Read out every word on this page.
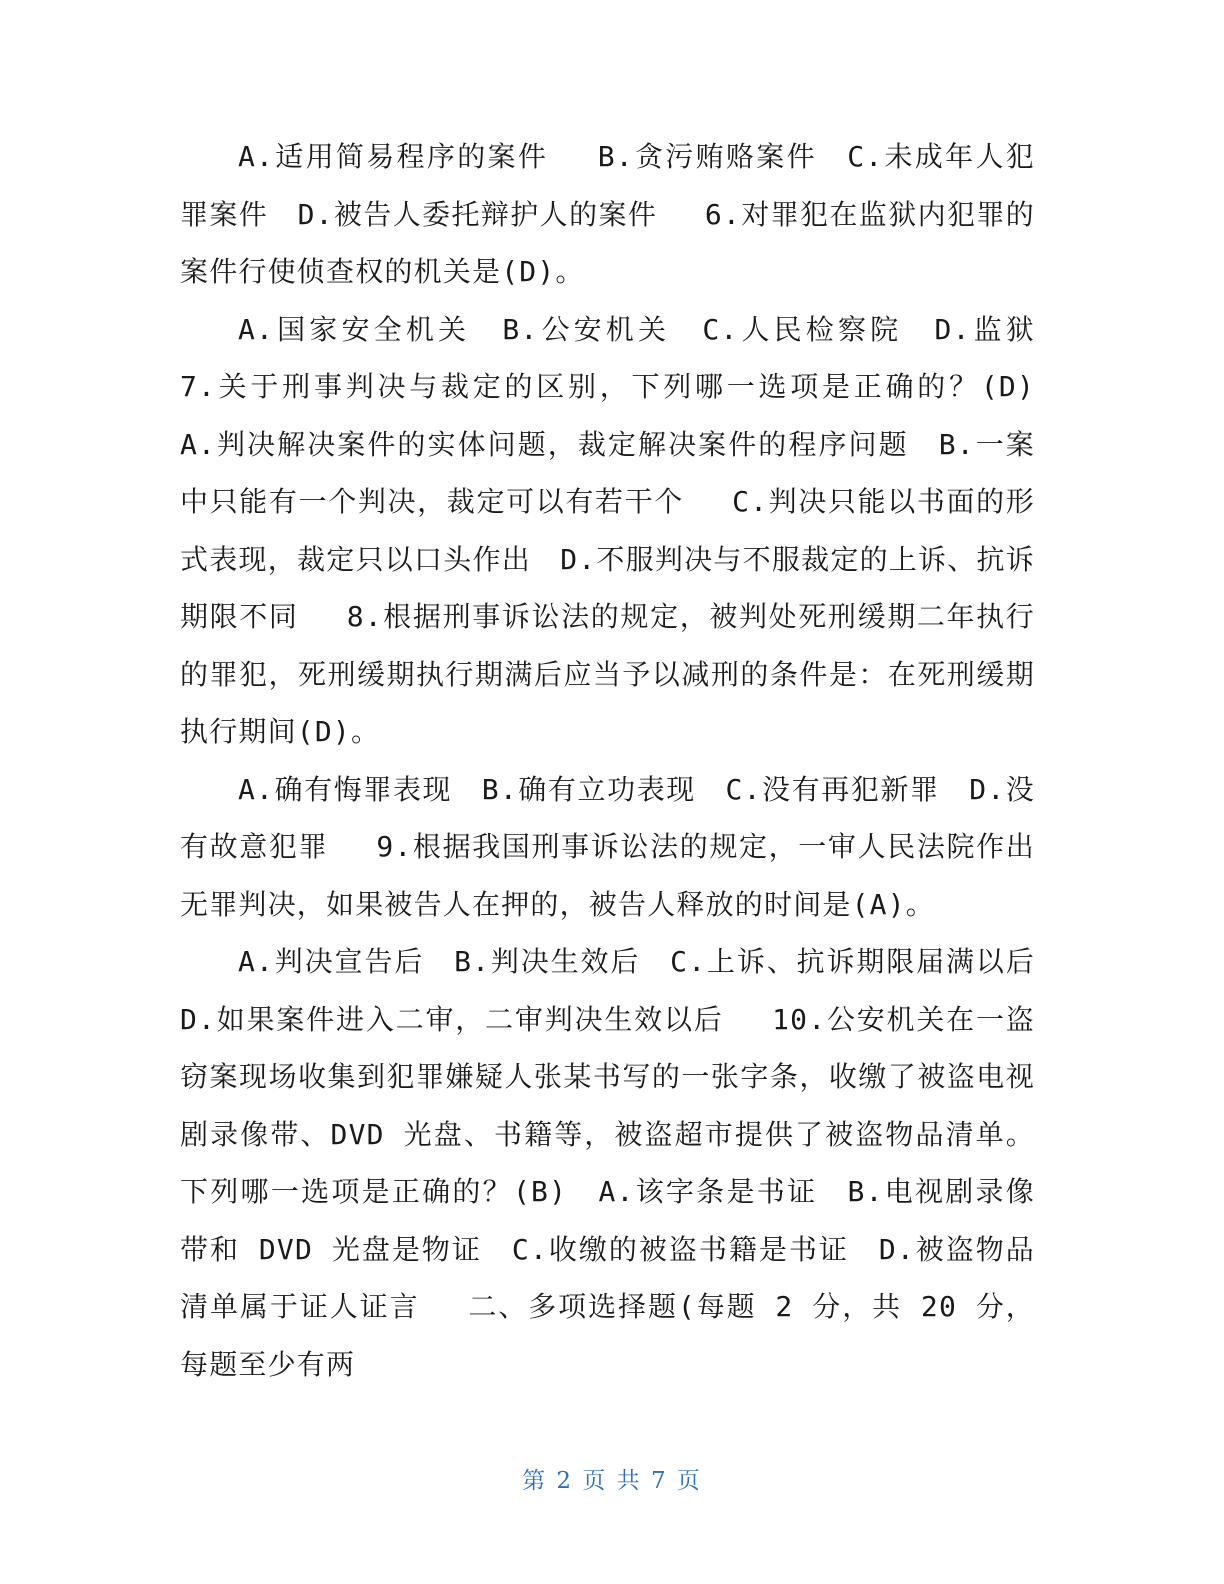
A.适用简易程序的案件　 B.贪污贿赂案件　C.未成年人犯罪案件　D.被告人委托辩护人的案件　 6.对罪犯在监狱内犯罪的案件行使侦查权的机关是(D)。

A.国家安全机关　B.公安机关　C.人民检察院　D.监狱　 7.关于刑事判决与裁定的区别，下列哪一选项是正确的？(D)　A.判决解决案件的实体问题，裁定解决案件的程序问题　B.一案中只能有一个判决，裁定可以有若干个　 C.判决只能以书面的形式表现，裁定只以口头作出　D.不服判决与不服裁定的上诉、抗诉期限不同　 8.根据刑事诉讼法的规定，被判处死刑缓期二年执行的罪犯，死刑缓期执行期满后应当予以减刑的条件是：在死刑缓期执行期间(D)。

A.确有悔罪表现　B.确有立功表现　C.没有再犯新罪　D.没有故意犯罪　 9.根据我国刑事诉讼法的规定，一审人民法院作出无罪判决，如果被告人在押的，被告人释放的时间是(A)。

A.判决宣告后　B.判决生效后　C.上诉、抗诉期限届满以后　D.如果案件进入二审，二审判决生效以后　 10.公安机关在一盗窃案现场收集到犯罪嫌疑人张某书写的一张字条，收缴了被盗电视剧录像带、DVD 光盘、书籍等，被盗超市提供了被盗物品清单。下列哪一选项是正确的？(B)　A.该字条是书证　B.电视剧录像带和 DVD 光盘是物证　C.收缴的被盗书籍是书证　D.被盗物品清单属于证人证言　 二、多项选择题(每题 2 分，共 20 分，每题至少有两

第 2 页 共 7 页
